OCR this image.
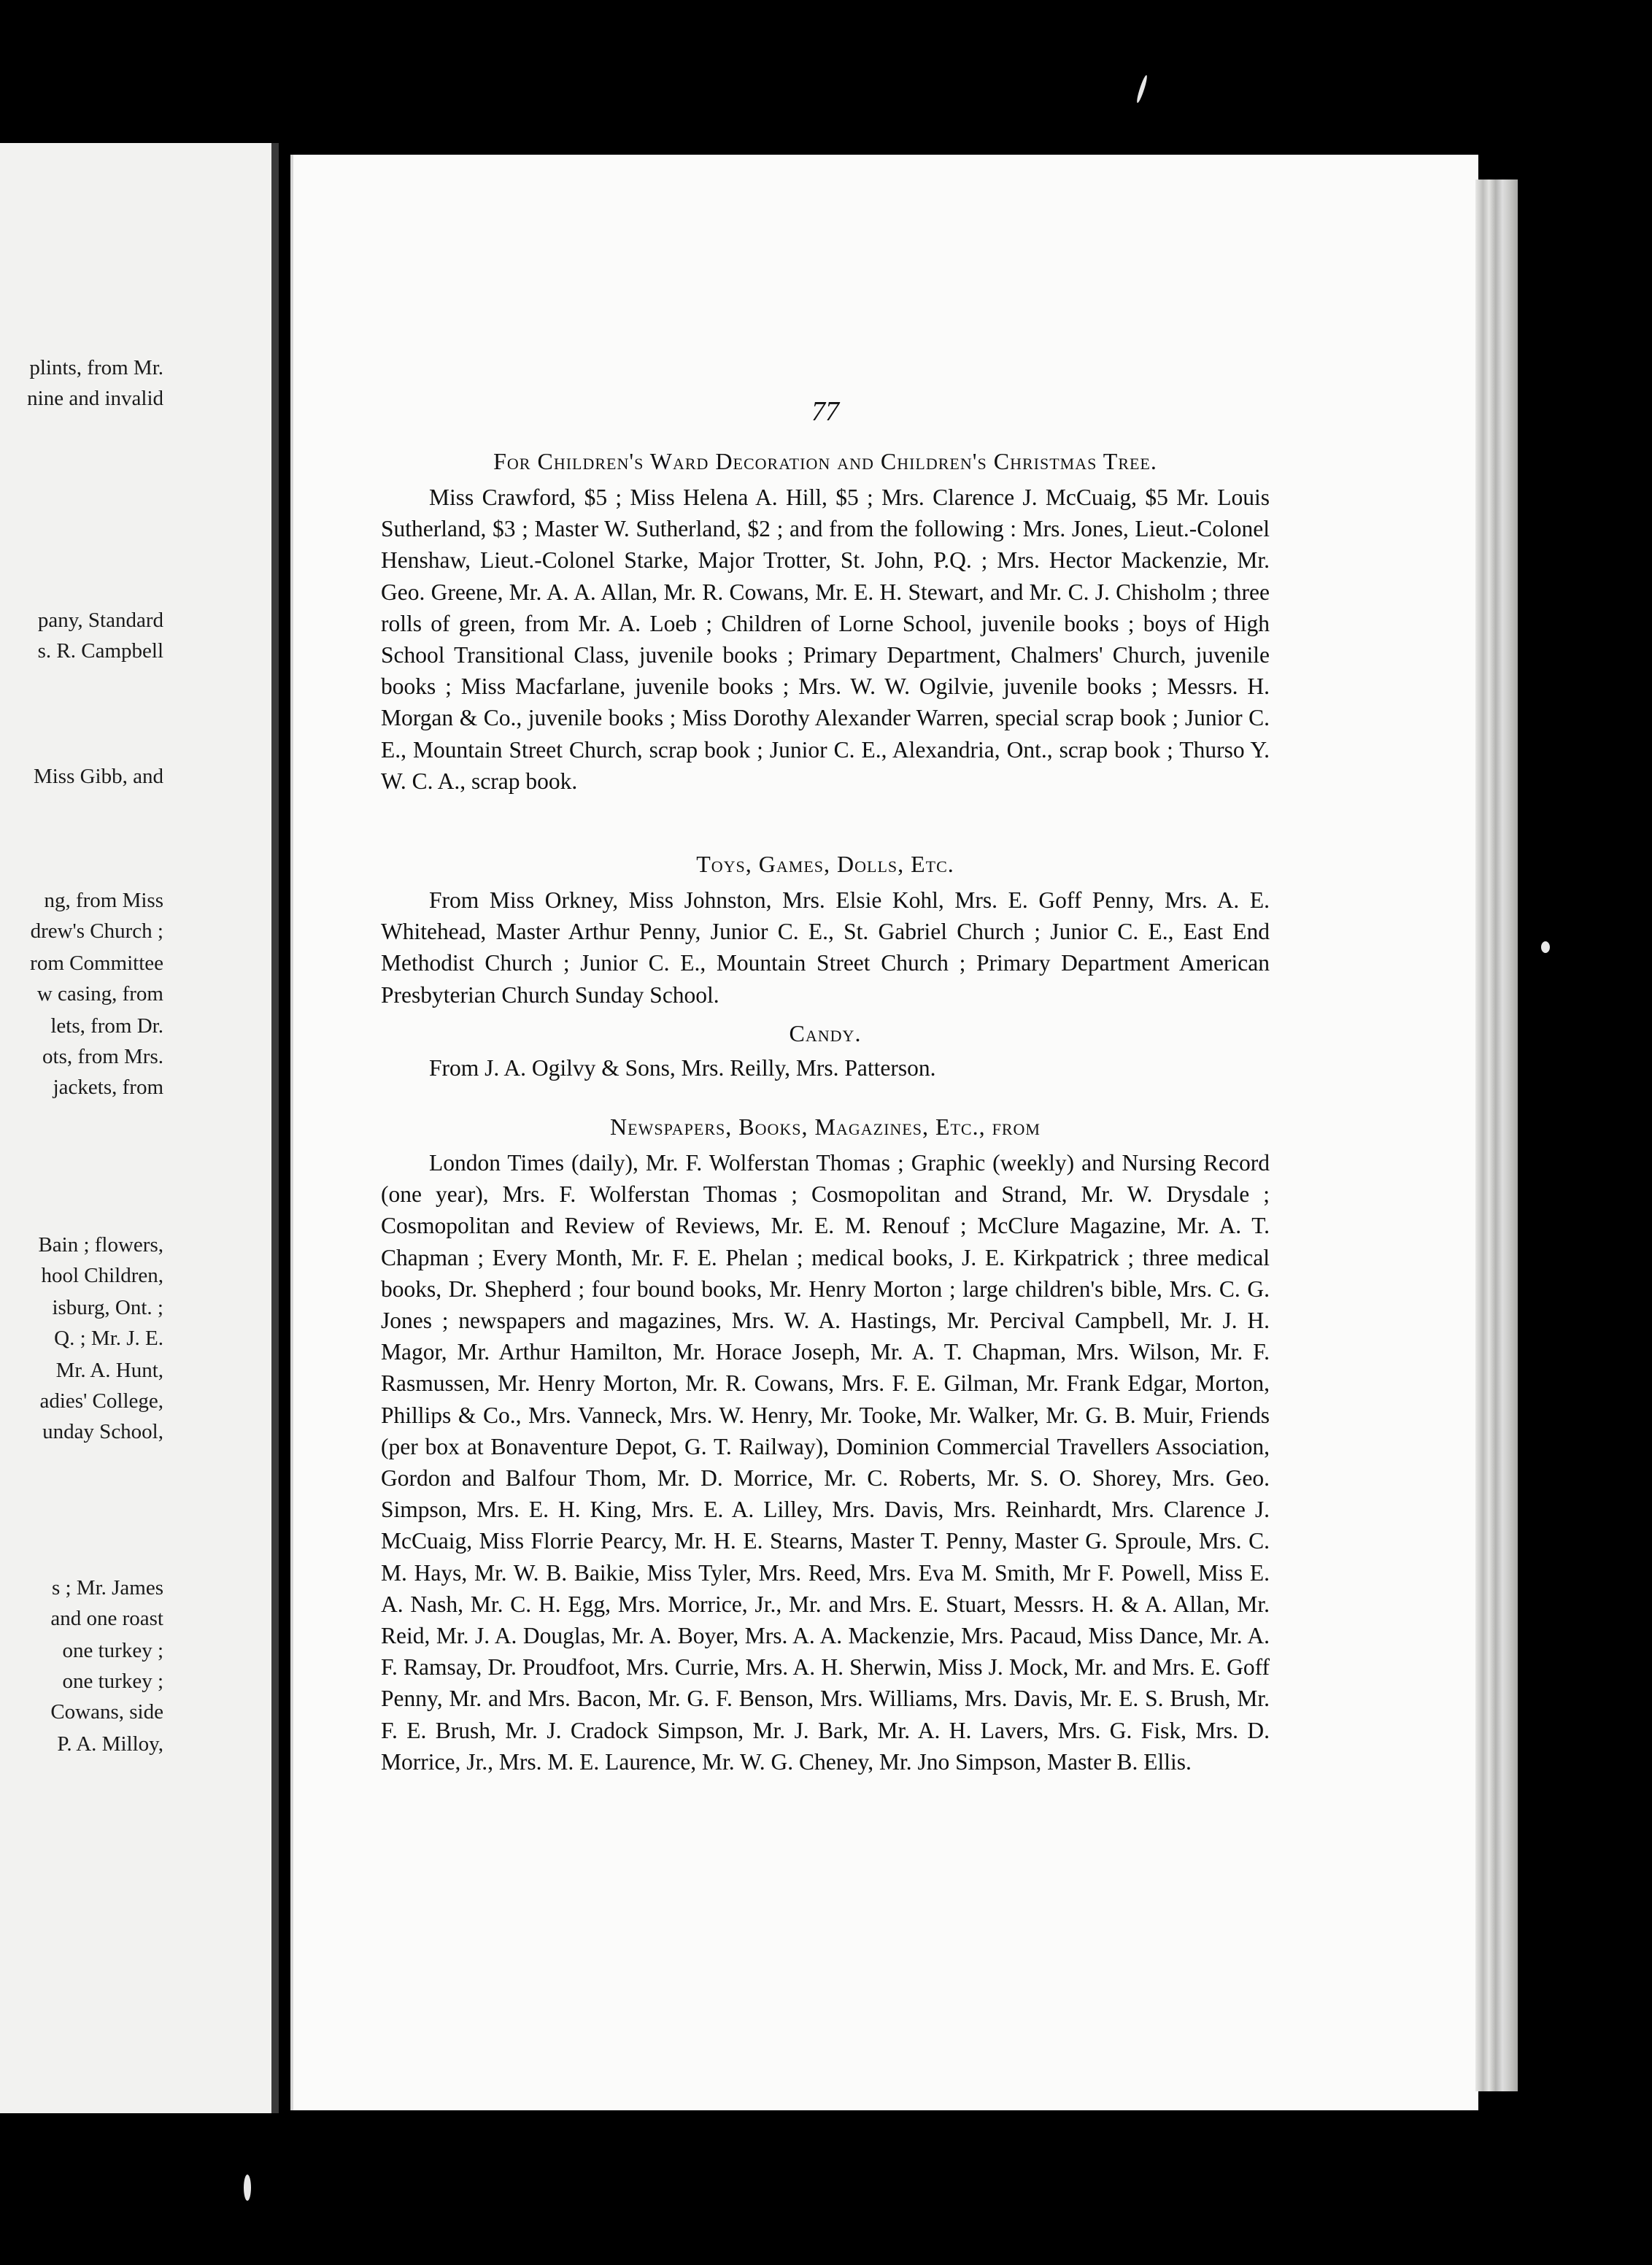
plints, from Mr.
nine and invalid
pany, Standard
s. R. Campbell
Miss Gibb, and
ng, from Miss
drew's Church ;
rom Committee
w casing, from
lets, from Dr.
ots, from Mrs.
jackets, from
Bain ; flowers,
hool Children,
isburg, Ont. ;
Q. ; Mr. J. E.
Mr. A. Hunt,
adies' College,
unday School,
s ; Mr. James
and one roast
one turkey ;
one turkey ;
Cowans, side
P. A. Milloy,
77
For Children's Ward Decoration and Children's Christmas Tree.

Miss Crawford, $5 ; Miss Helena A. Hill, $5 ; Mrs. Clarence J. McCuaig, $5 Mr. Louis Sutherland, $3 ; Master W. Sutherland, $2 ; and from the following : Mrs. Jones, Lieut.-Colonel Henshaw, Lieut.-Colonel Starke, Major Trotter, St. John, P.Q. ; Mrs. Hector Mackenzie, Mr. Geo. Greene, Mr. A. A. Allan, Mr. R. Cowans, Mr. E. H. Stewart, and Mr. C. J. Chisholm ; three rolls of green, from Mr. A. Loeb ; Children of Lorne School, juvenile books ; boys of High School Transitional Class, juvenile books ; Primary Department, Chalmers' Church, juvenile books ; Miss Macfarlane, juvenile books ; Mrs. W. W. Ogilvie, juvenile books ; Messrs. H. Morgan & Co., juvenile books ; Miss Dorothy Alexander Warren, special scrap book ; Junior C. E., Mountain Street Church, scrap book ; Junior C. E., Alexandria, Ont., scrap book ; Thurso Y. W. C. A., scrap book.

Toys, Games, Dolls, Etc.

From Miss Orkney, Miss Johnston, Mrs. Elsie Kohl, Mrs. E. Goff Penny, Mrs. A. E. Whitehead, Master Arthur Penny, Junior C. E., St. Gabriel Church ; Junior C. E., East End Methodist Church ; Junior C. E., Mountain Street Church ; Primary Department American Presbyterian Church Sunday School.

Candy.

From J. A. Ogilvy & Sons, Mrs. Reilly, Mrs. Patterson.

Newspapers, Books, Magazines, Etc., from

London Times (daily), Mr. F. Wolferstan Thomas ; Graphic (weekly) and Nursing Record (one year), Mrs. F. Wolferstan Thomas ; Cosmopolitan and Strand, Mr. W. Drysdale ; Cosmopolitan and Review of Reviews, Mr. E. M. Renouf ; McClure Magazine, Mr. A. T. Chapman ; Every Month, Mr. F. E. Phelan ; medical books, J. E. Kirkpatrick ; three medical books, Dr. Shepherd ; four bound books, Mr. Henry Morton ; large children's bible, Mrs. C. G. Jones ; newspapers and magazines, Mrs. W. A. Hastings, Mr. Percival Campbell, Mr. J. H. Magor, Mr. Arthur Hamilton, Mr. Horace Joseph, Mr. A. T. Chapman, Mrs. Wilson, Mr. F. Rasmussen, Mr. Henry Morton, Mr. R. Cowans, Mrs. F. E. Gilman, Mr. Frank Edgar, Morton, Phillips & Co., Mrs. Vanneck, Mrs. W. Henry, Mr. Tooke, Mr. Walker, Mr. G. B. Muir, Friends (per box at Bonaventure Depot, G. T. Railway), Dominion Commercial Travellers Association, Gordon and Balfour Thom, Mr. D. Morrice, Mr. C. Roberts, Mr. S. O. Shorey, Mrs. Geo. Simpson, Mrs. E. H. King, Mrs. E. A. Lilley, Mrs. Davis, Mrs. Reinhardt, Mrs. Clarence J. McCuaig, Miss Florrie Pearcy, Mr. H. E. Stearns, Master T. Penny, Master G. Sproule, Mrs. C. M. Hays, Mr. W. B. Baikie, Miss Tyler, Mrs. Reed, Mrs. Eva M. Smith, Mr F. Powell, Miss E. A. Nash, Mr. C. H. Egg, Mrs. Morrice, Jr., Mr. and Mrs. E. Stuart, Messrs. H. & A. Allan, Mr. Reid, Mr. J. A. Douglas, Mr. A. Boyer, Mrs. A. A. Mackenzie, Mrs. Pacaud, Miss Dance, Mr. A. F. Ramsay, Dr. Proudfoot, Mrs. Currie, Mrs. A. H. Sherwin, Miss J. Mock, Mr. and Mrs. E. Goff Penny, Mr. and Mrs. Bacon, Mr. G. F. Benson, Mrs. Williams, Mrs. Davis, Mr. E. S. Brush, Mr. F. E. Brush, Mr. J. Cradock Simpson, Mr. J. Bark, Mr. A. H. Lavers, Mrs. G. Fisk, Mrs. D. Morrice, Jr., Mrs. M. E. Laurence, Mr. W. G. Cheney, Mr. Jno Simpson, Master B. Ellis.
